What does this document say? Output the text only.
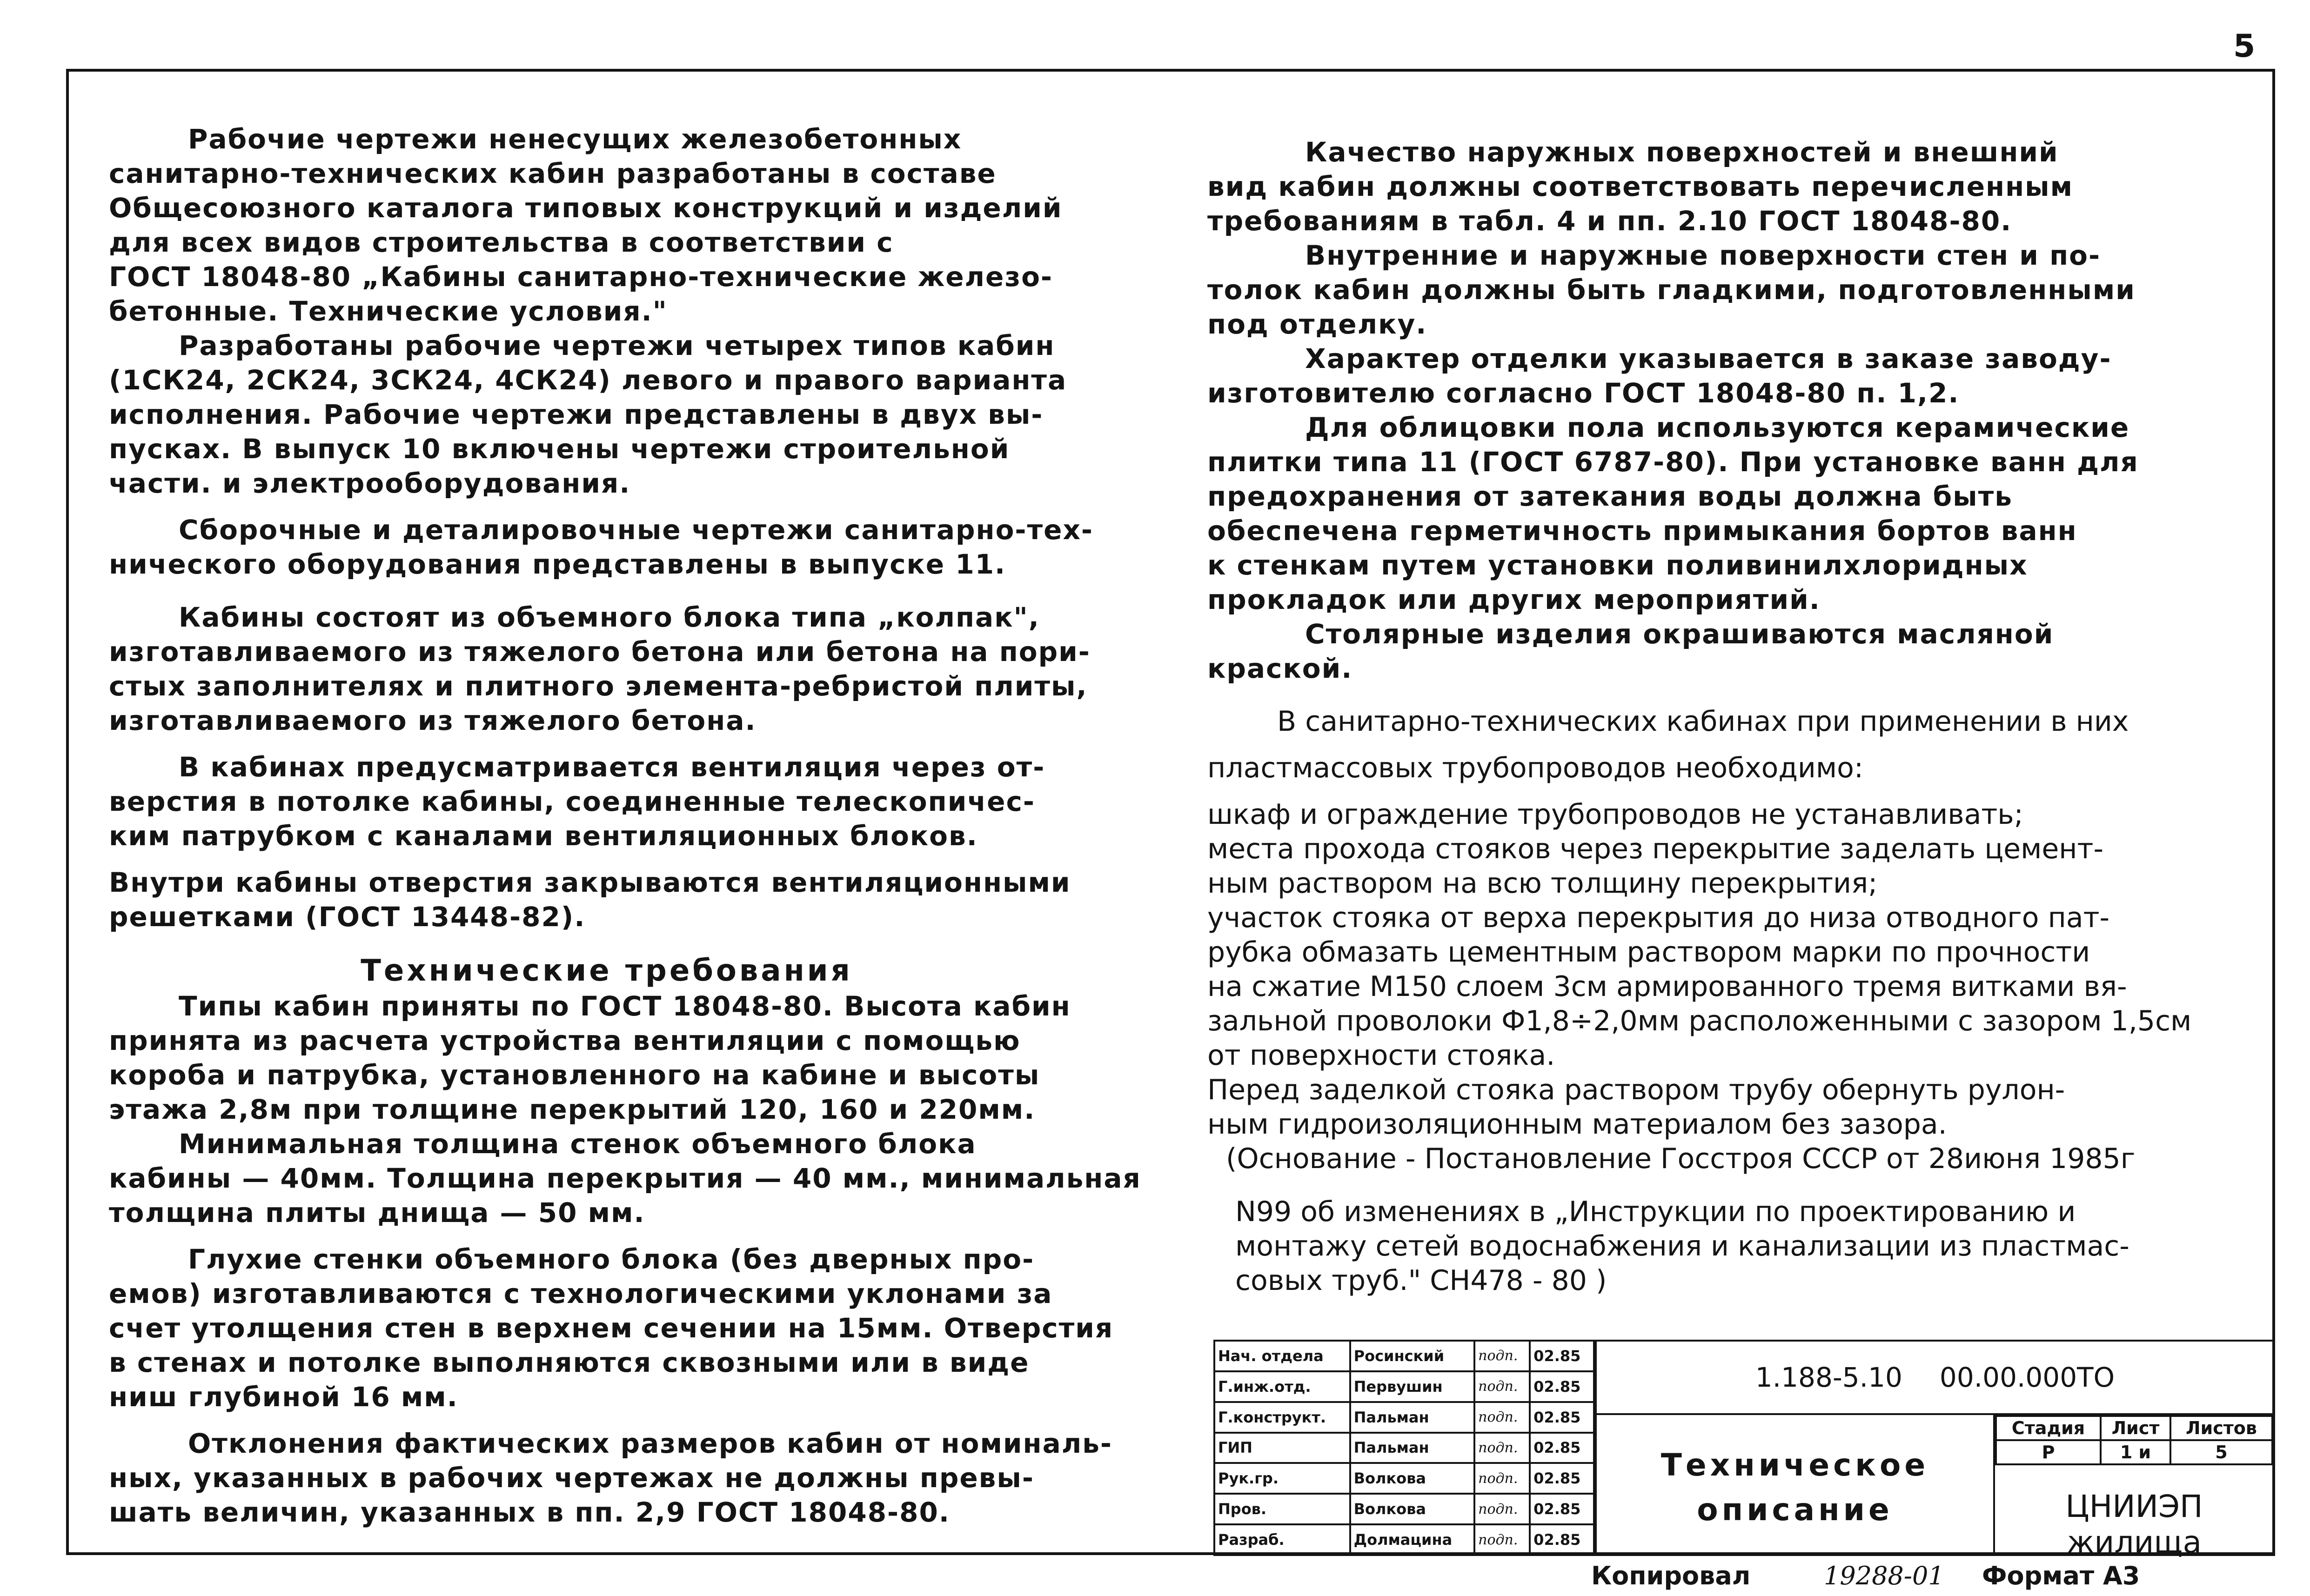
5

Рабочие чертежи ненесущих железобетонных

санитарно-технических кабин разработаны в составе

Общесоюзного каталога типовых конструкций и изделий

для всех видов строительства в соответствии с

ГОСТ 18048-80 „Кабины санитарно-технические железо-

бетонные. Технические условия."

Разработаны рабочие чертежи четырех типов кабин

(1СК24, 2СК24, 3СК24, 4СК24) левого и правого варианта

исполнения. Рабочие чертежи представлены в двух вы-

пусках. В выпуск 10 включены чертежи строительной

части. и электрооборудования.

Сборочные и деталировочные чертежи санитарно-тех-

нического оборудования представлены в выпуске 11.

Кабины состоят из объемного блока типа „колпак",

изготавливаемого из тяжелого бетона или бетона на пори-

стых заполнителях и плитного элемента-ребристой плиты,

изготавливаемого из тяжелого бетона.

В кабинах предусматривается вентиляция через от-

верстия в потолке кабины, соединенные телескопичес-

ким патрубком с каналами вентиляционных блоков.

Внутри кабины отверстия закрываются вентиляционными

решетками (ГОСТ 13448-82).

Технические требования

Типы кабин приняты по ГОСТ 18048-80. Высота кабин

принята из расчета устройства вентиляции с помощью

короба и патрубка, установленного на кабине и высоты

этажа 2,8м при толщине перекрытий 120, 160 и 220мм.

Минимальная толщина стенок объемного блока

кабины — 40мм. Толщина перекрытия — 40 мм., минимальная

толщина плиты днища — 50 мм.

Глухие стенки объемного блока (без дверных про-

емов) изготавливаются с технологическими уклонами за

счет утолщения стен в верхнем сечении на 15мм. Отверстия

в стенах и потолке выполняются сквозными или в виде

ниш глубиной 16 мм.

Отклонения фактических размеров кабин от номиналь-

ных, указанных в рабочих чертежах не должны превы-

шать величин, указанных в пп. 2,9 ГОСТ 18048-80.

Качество наружных поверхностей и внешний

вид кабин должны соответствовать перечисленным

требованиям в табл. 4 и пп. 2.10 ГОСТ 18048-80.

Внутренние и наружные поверхности стен и по-

толок кабин должны быть гладкими, подготовленными

под отделку.

Характер отделки указывается в заказе заводу-

изготовителю согласно ГОСТ 18048-80 п. 1,2.

Для облицовки пола используются керамические

плитки типа 11 (ГОСТ 6787-80). При установке ванн для

предохранения от затекания воды должна быть

обеспечена герметичность примыкания бортов ванн

к стенкам путем установки поливинилхлоридных

прокладок или других мероприятий.

Столярные изделия окрашиваются масляной

краской.

В санитарно-технических кабинах при применении в них

пластмассовых трубопроводов необходимо:

шкаф и ограждение трубопроводов не устанавливать;

места прохода стояков через перекрытие заделать цемент-

ным раствором на всю толщину перекрытия;

участок стояка от верха перекрытия до низа отводного пат-

рубка обмазать цементным раствором марки по прочности

на сжатие М150 слоем 3см армированного тремя витками вя-

зальной проволоки Ф1,8÷2,0мм расположенными с зазором 1,5см

от поверхности стояка.

Перед заделкой стояка раствором трубу обернуть рулон-

ным гидроизоляционным материалом без зазора.

(Основание - Постановление Госстроя СССР от 28июня 1985г

N99 об изменениях в „Инструкции по проектированию и

монтажу сетей водоснабжения и канализации из пластмас-

совых труб." СН478 - 80 )

Нач. отдела	Росинский	подп.	02.85
Г.инж.отд.	Первушин	подп.	02.85
Г.конструкт.	Пальман	подп.	02.85
ГИП	Пальман	подп.	02.85
Рук.гр.	Волкова	подп.	02.85
Пров.	Волкова	подп.	02.85
Разраб.	Долмацина	подп.	02.85
1.188-5.10 00.00.000ТО
Техническое
описание
Стадия	Лист	Листов
Р	1 и	5
ЦНИИЭП жилища
Копировал	19288-01 Формат А3
